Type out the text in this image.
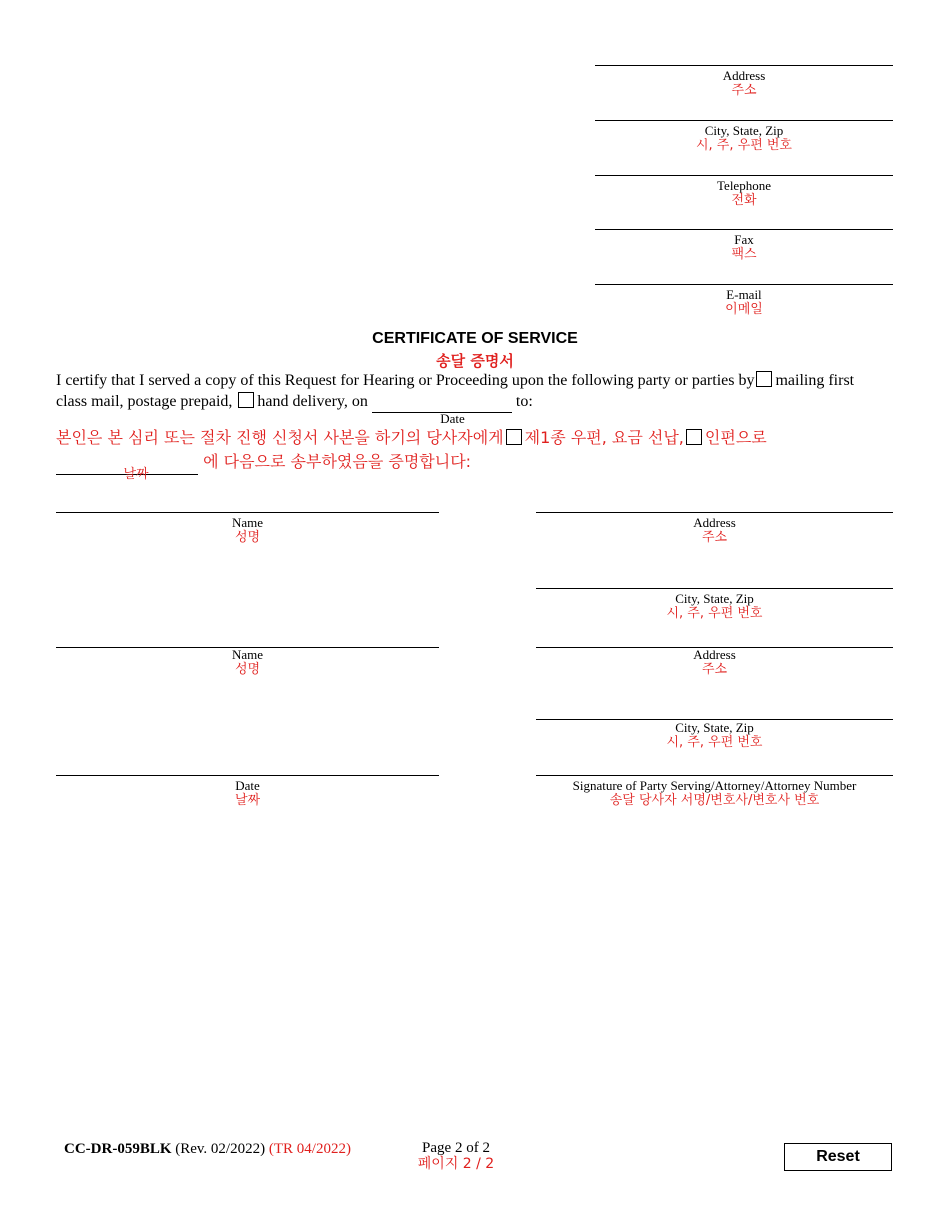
Address
주소
City, State, Zip
시, 주, 우편 번호
Telephone
전화
Fax
팩스
E-mail
이메일
CERTIFICATE OF SERVICE
송달 증명서
I certify that I served a copy of this Request for Hearing or Proceeding upon the following party or parties by mailing first
class mail, postage prepaid, hand delivery, on	to:
Date
본인은 본 심리 또는 절차 진행 신청서 사본을 하기의 당사자에게 제1종 우편, 요금 선납, 인편으로
에 다음으로 송부하였음을 증명합니다:
날짜
Name
성명
Name
성명
Date
날짜
Address
주소
City, State, Zip
시, 주, 우편 번호
Address
주소
City, State, Zip
시, 주, 우편 번호
Signature of Party Serving/Attorney/Attorney Number
송달 당사자 서명/변호사/변호사 번호
CC-DR-059BLK (Rev. 02/2022) (TR 04/2022)	Page 2 of 2
페이지 2 / 2	Reset
